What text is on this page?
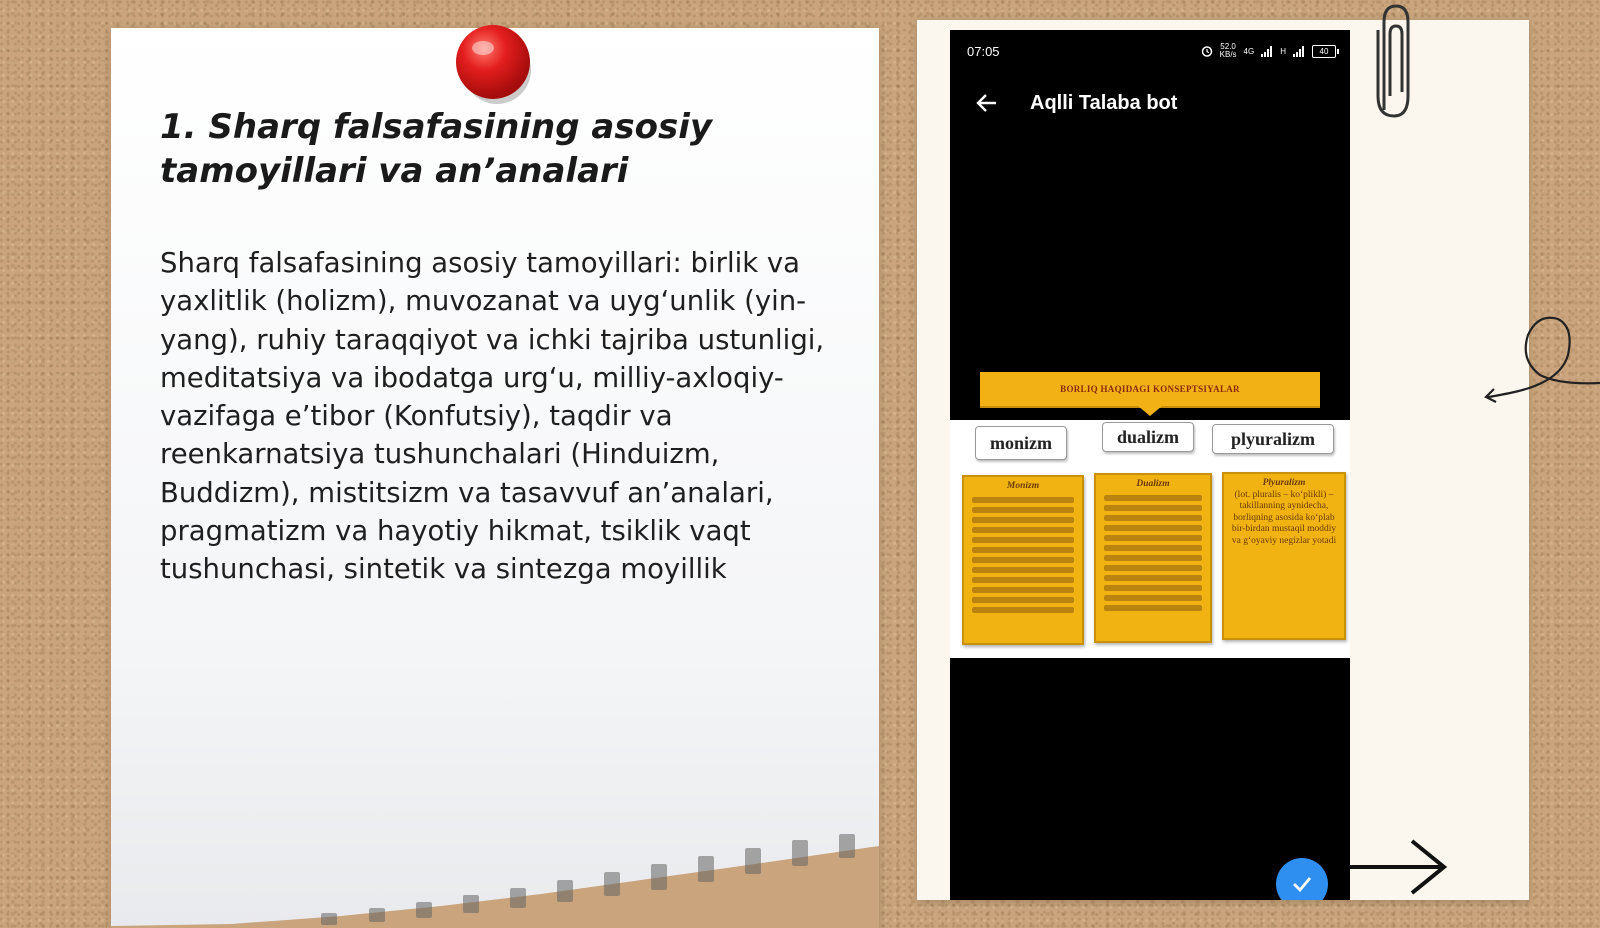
1. Sharq falsafasining asosiy tamoyillari va an’analari

Sharq falsafasining asosiy tamoyillari: birlik va yaxlitlik (holizm), muvozanat va uyg‘unlik (yin-yang), ruhiy taraqqiyot va ichki tajriba ustunligi, meditatsiya va ibodatga urg‘u, milliy-axloqiy-vazifaga e’tibor (Konfutsiy), taqdir va reenkarnatsiya tushunchalari (Hinduizm, Buddizm), mistitsizm va tasavvuf an’analari, pragmatizm va hayotiy hikmat, tsiklik vaqt tushunchasi, sintetik va sintezga moyillik

07:05	52.0
KB/s 4G	H	40
Aqlli Talaba bot
BORLIQ HAQIDAGI KONSEPTSIYALAR
monizm	dualizm	plyuralizm
Monizm	Dualizm	Plyuralizm
(lot. pluralis – ko‘plikli) – takillanning aynidecha, borliqning asosida ko‘plab bir-birdan mustaqil moddiy va g‘oyaviy negizlar yotadi
